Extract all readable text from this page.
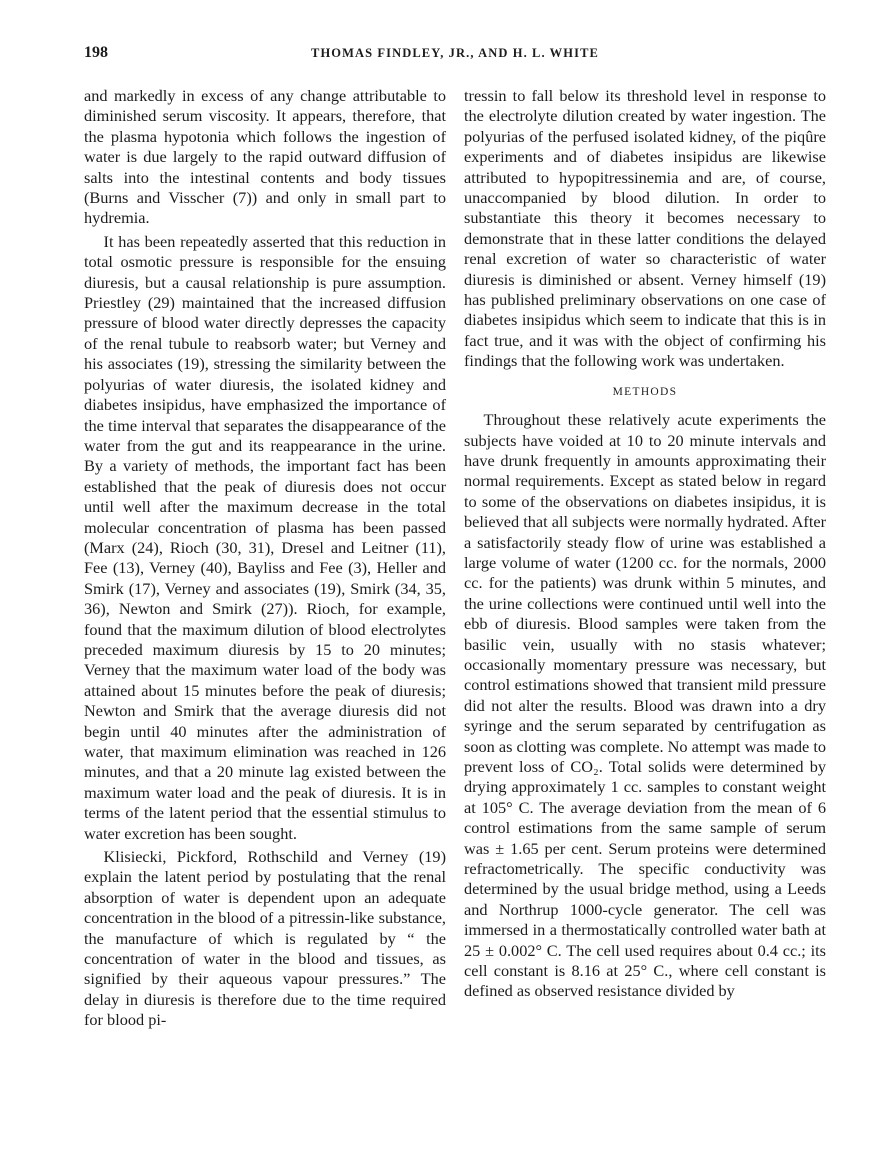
198	THOMAS FINDLEY, JR., AND H. L. WHITE

and markedly in excess of any change attributable to diminished serum viscosity. It appears, therefore, that the plasma hypotonia which follows the ingestion of water is due largely to the rapid outward diffusion of salts into the intestinal contents and body tissues (Burns and Visscher (7)) and only in small part to hydremia.

It has been repeatedly asserted that this reduction in total osmotic pressure is responsible for the ensuing diuresis, but a causal relationship is pure assumption. Priestley (29) maintained that the increased diffusion pressure of blood water directly depresses the capacity of the renal tubule to reabsorb water; but Verney and his associates (19), stressing the similarity between the polyurias of water diuresis, the isolated kidney and diabetes insipidus, have emphasized the importance of the time interval that separates the disappearance of the water from the gut and its reappearance in the urine. By a variety of methods, the important fact has been established that the peak of diuresis does not occur until well after the maximum decrease in the total molecular concentration of plasma has been passed (Marx (24), Rioch (30, 31), Dresel and Leitner (11), Fee (13), Verney (40), Bayliss and Fee (3), Heller and Smirk (17), Verney and associates (19), Smirk (34, 35, 36), Newton and Smirk (27)). Rioch, for example, found that the maximum dilution of blood electrolytes preceded maximum diuresis by 15 to 20 minutes; Verney that the maximum water load of the body was attained about 15 minutes before the peak of diuresis; Newton and Smirk that the average diuresis did not begin until 40 minutes after the administration of water, that maximum elimination was reached in 126 minutes, and that a 20 minute lag existed between the maximum water load and the peak of diuresis. It is in terms of the latent period that the essential stimulus to water excretion has been sought.

Klisiecki, Pickford, Rothschild and Verney (19) explain the latent period by postulating that the renal absorption of water is dependent upon an adequate concentration in the blood of a pitressin-like substance, the manufacture of which is regulated by “ the concentration of water in the blood and tissues, as signified by their aqueous vapour pressures.” The delay in diuresis is therefore due to the time required for blood pi-

tressin to fall below its threshold level in response to the electrolyte dilution created by water ingestion. The polyurias of the perfused isolated kidney, of the piqûre experiments and of diabetes insipidus are likewise attributed to hypopitressinemia and are, of course, unaccompanied by blood dilution. In order to substantiate this theory it becomes necessary to demonstrate that in these latter conditions the delayed renal excretion of water so characteristic of water diuresis is diminished or absent. Verney himself (19) has published preliminary observations on one case of diabetes insipidus which seem to indicate that this is in fact true, and it was with the object of confirming his findings that the following work was undertaken.

METHODS

Throughout these relatively acute experiments the subjects have voided at 10 to 20 minute intervals and have drunk frequently in amounts approximating their normal requirements. Except as stated below in regard to some of the observations on diabetes insipidus, it is believed that all subjects were normally hydrated. After a satisfactorily steady flow of urine was established a large volume of water (1200 cc. for the normals, 2000 cc. for the patients) was drunk within 5 minutes, and the urine collections were continued until well into the ebb of diuresis. Blood samples were taken from the basilic vein, usually with no stasis whatever; occasionally momentary pressure was necessary, but control estimations showed that transient mild pressure did not alter the results. Blood was drawn into a dry syringe and the serum separated by centrifugation as soon as clotting was complete. No attempt was made to prevent loss of CO₂. Total solids were determined by drying approximately 1 cc. samples to constant weight at 105° C. The average deviation from the mean of 6 control estimations from the same sample of serum was ± 1.65 per cent. Serum proteins were determined refractometrically. The specific conductivity was determined by the usual bridge method, using a Leeds and Northrup 1000-cycle generator. The cell was immersed in a thermostatically controlled water bath at 25 ± 0.002° C. The cell used requires about 0.4 cc.; its cell constant is 8.16 at 25° C., where cell constant is defined as observed resistance divided by
